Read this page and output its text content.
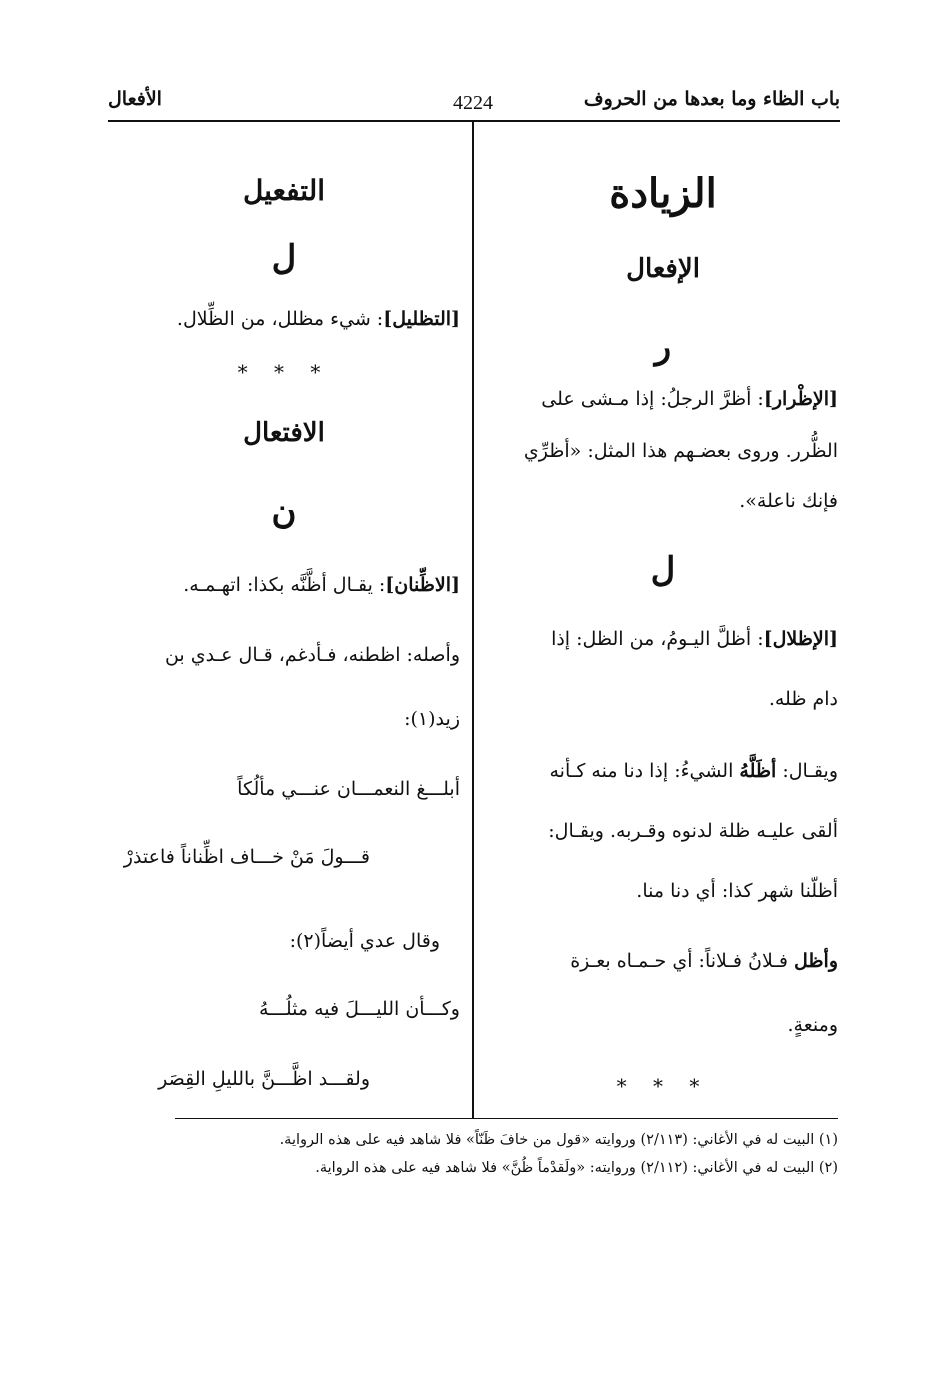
باب الظاء وما بعدها من الحروف
4224
الأفعال
الزيادة
الإفعال
ر
[الإظْرار]: أظرَّ الرجلُ: إذا مـشى على
الظُّرر. وروى بعضـهم هذا المثل: «أظرِّي
فإنك ناعلة».
ل
[الإظلال]: أظلَّ اليـومُ، من الظل: إذا
دام ظله.
ويقـال: أظَلَّهُ الشيءُ: إذا دنا منه كـأنه
ألقى عليـه ظلة لدنوه وقـربه. ويقـال:
أظلّنا شهر كذا: أي دنا منا.
وأظل فـلانُ فـلاناً: أي حـمـاه بعـزة
ومنعةٍ.
* * *
التفعيل
ل
[التظليل]: شيء مظلل، من الظِّلال.
* * *
الافتعال
ن
[الاظِّنان]: يقـال أظَّنَّه بكذا: اتهـمـه.
وأصله: اظطنه، فـأدغم، قـال عـدي بن
زيد(١):
أبلـــغ النعمـــان عنـــي مألُكاً
قـــولَ مَنْ خـــاف اظِّناناً فاعتذرْ
وقال عدي أيضاً(٢):
وكـــأن الليـــلَ فيه مثلُـــهُ
ولقـــد اظَّـــنَّ بالليلِ القِصَر
(١) البيت له في الأغاني: (٢/١١٣) وروايته «قول من خافَ ظَنّاً» فلا شاهد فيه على هذه الرواية.
(٢) البيت له في الأغاني: (٢/١١٢) وروايته: «ولَقدْماً ظُنَّ» فلا شاهد فيه على هذه الرواية.
